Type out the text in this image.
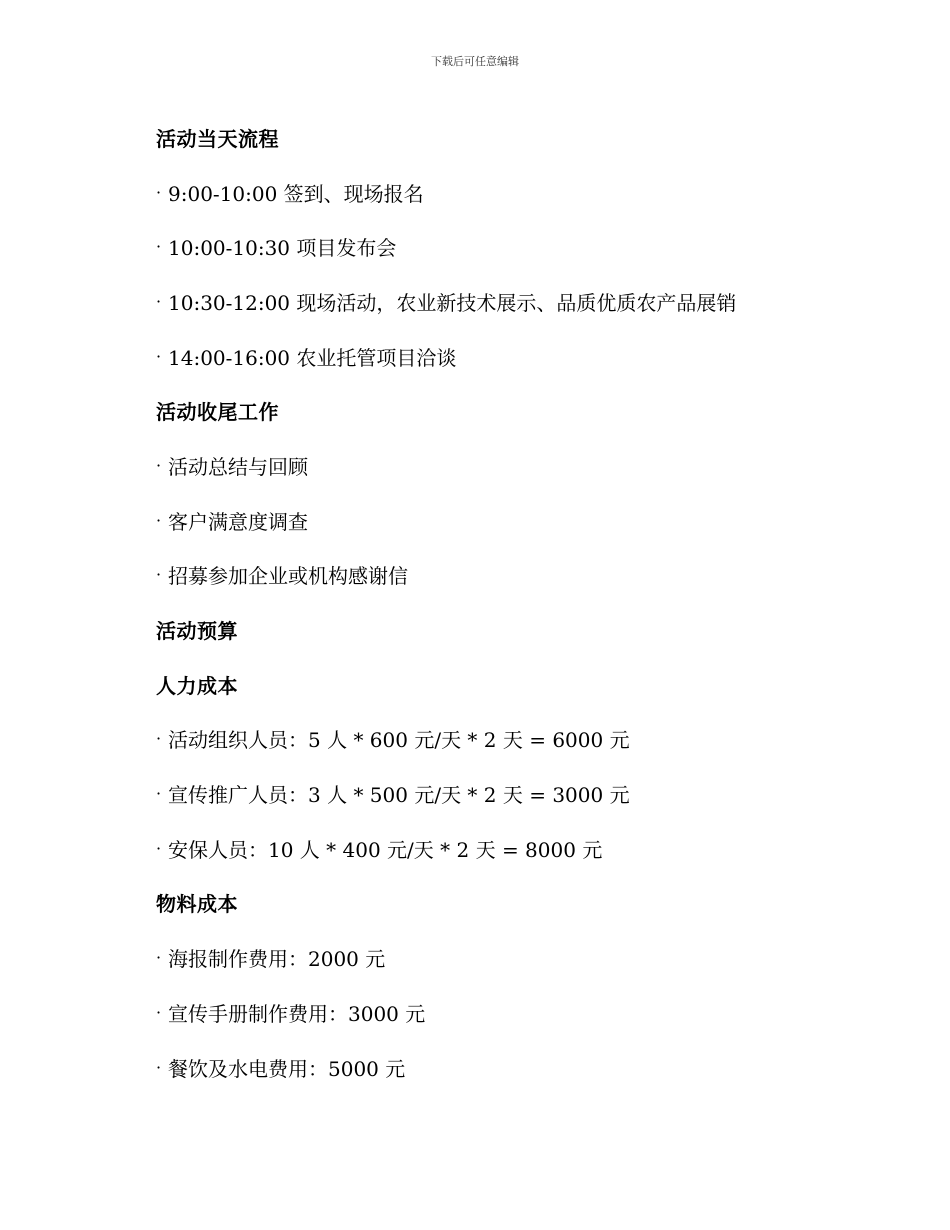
下载后可任意编辑
活动当天流程
· 9:00-10:00 签到、现场报名
· 10:00-10:30 项目发布会
· 10:30-12:00 现场活动，农业新技术展示、品质优质农产品展销
· 14:00-16:00 农业托管项目洽谈
活动收尾工作
· 活动总结与回顾
· 客户满意度调查
· 招募参加企业或机构感谢信
活动预算
人力成本
· 活动组织人员：5 人 * 600 元/天 * 2 天 = 6000 元
· 宣传推广人员：3 人 * 500 元/天 * 2 天 = 3000 元
· 安保人员：10 人 * 400 元/天 * 2 天 = 8000 元
物料成本
· 海报制作费用：2000 元
· 宣传手册制作费用：3000 元
· 餐饮及水电费用：5000 元
